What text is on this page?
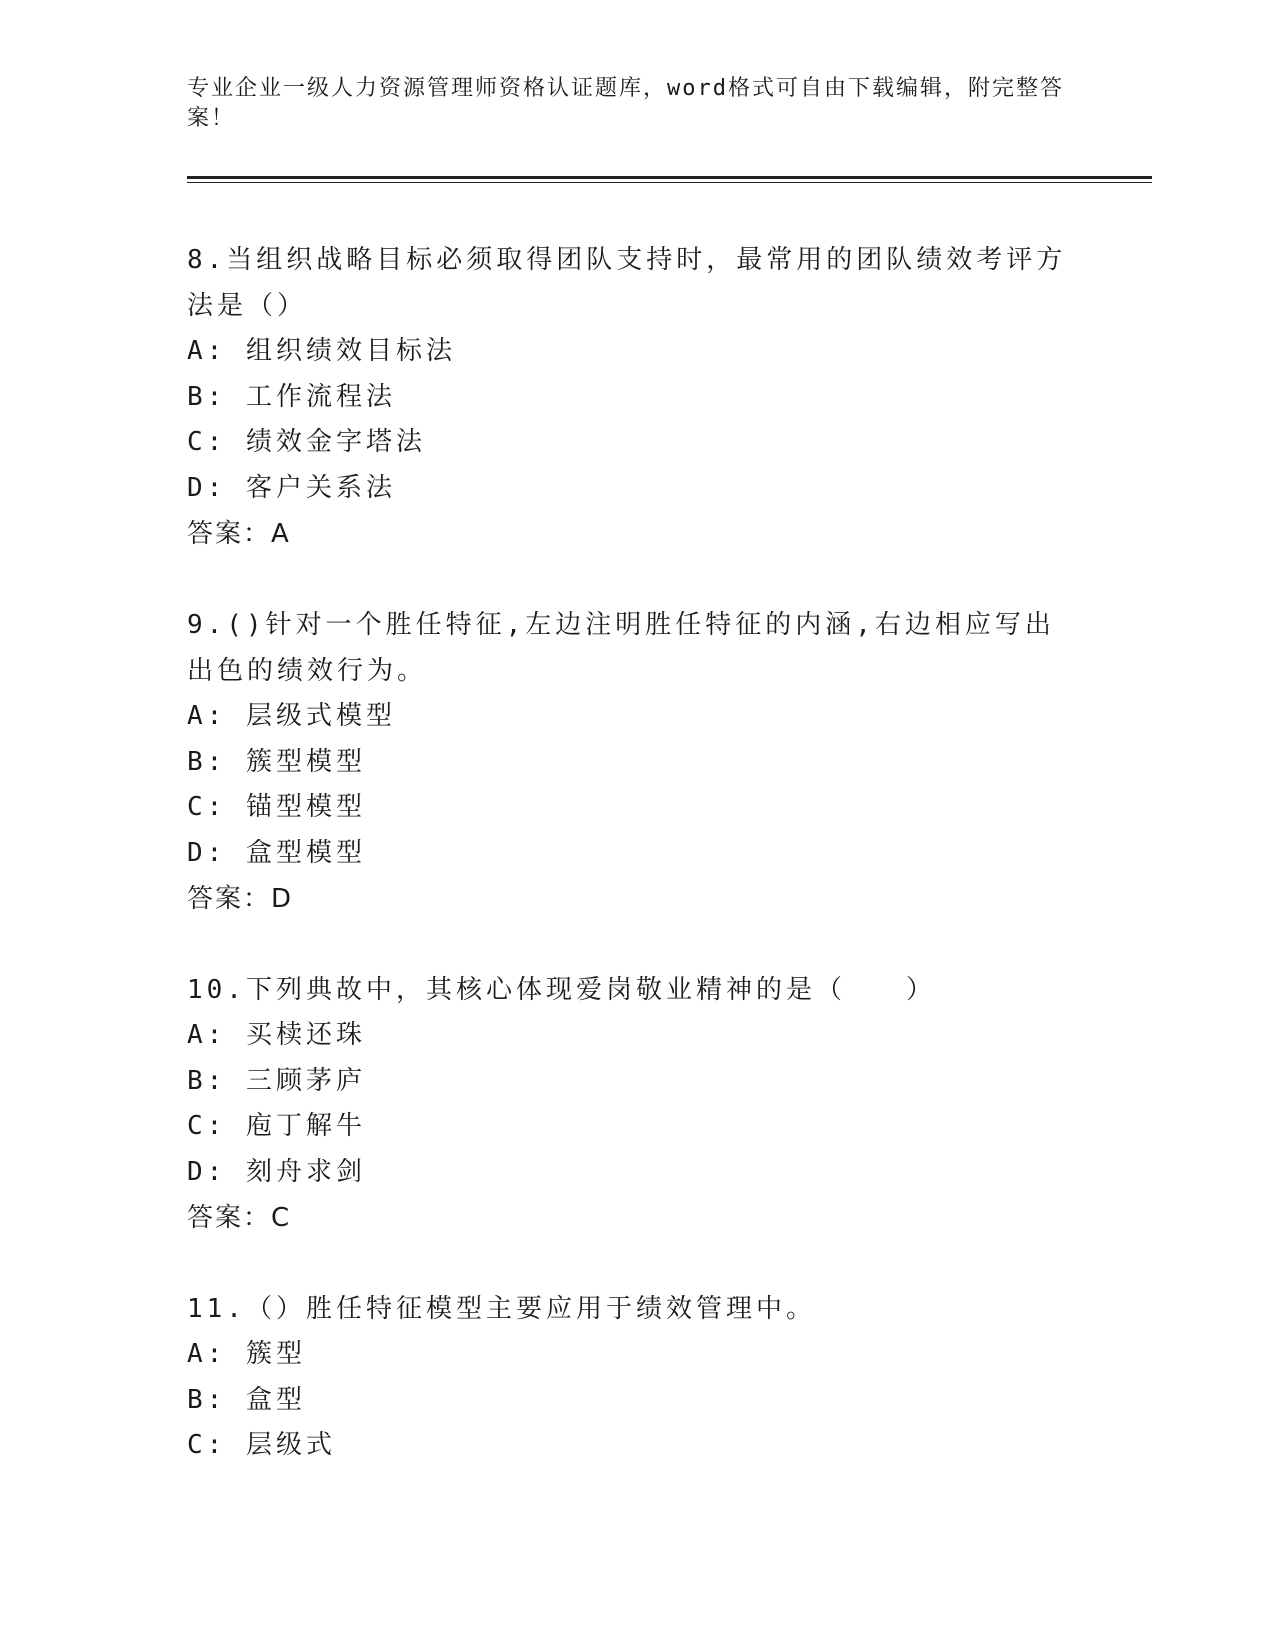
专业企业一级人力资源管理师资格认证题库，word格式可自由下载编辑，附完整答案！
8.当组织战略目标必须取得团队支持时，最常用的团队绩效考评方法是（）
A: 组织绩效目标法
B: 工作流程法
C: 绩效金字塔法
D: 客户关系法
答案：A
9.()针对一个胜任特征,左边注明胜任特征的内涵,右边相应写出出色的绩效行为。
A: 层级式模型
B: 簇型模型
C: 锚型模型
D: 盒型模型
答案：D
10.下列典故中，其核心体现爱岗敬业精神的是（　　）
A: 买椟还珠
B: 三顾茅庐
C: 庖丁解牛
D: 刻舟求剑
答案：C
11.（）胜任特征模型主要应用于绩效管理中。
A: 簇型
B: 盒型
C: 层级式
